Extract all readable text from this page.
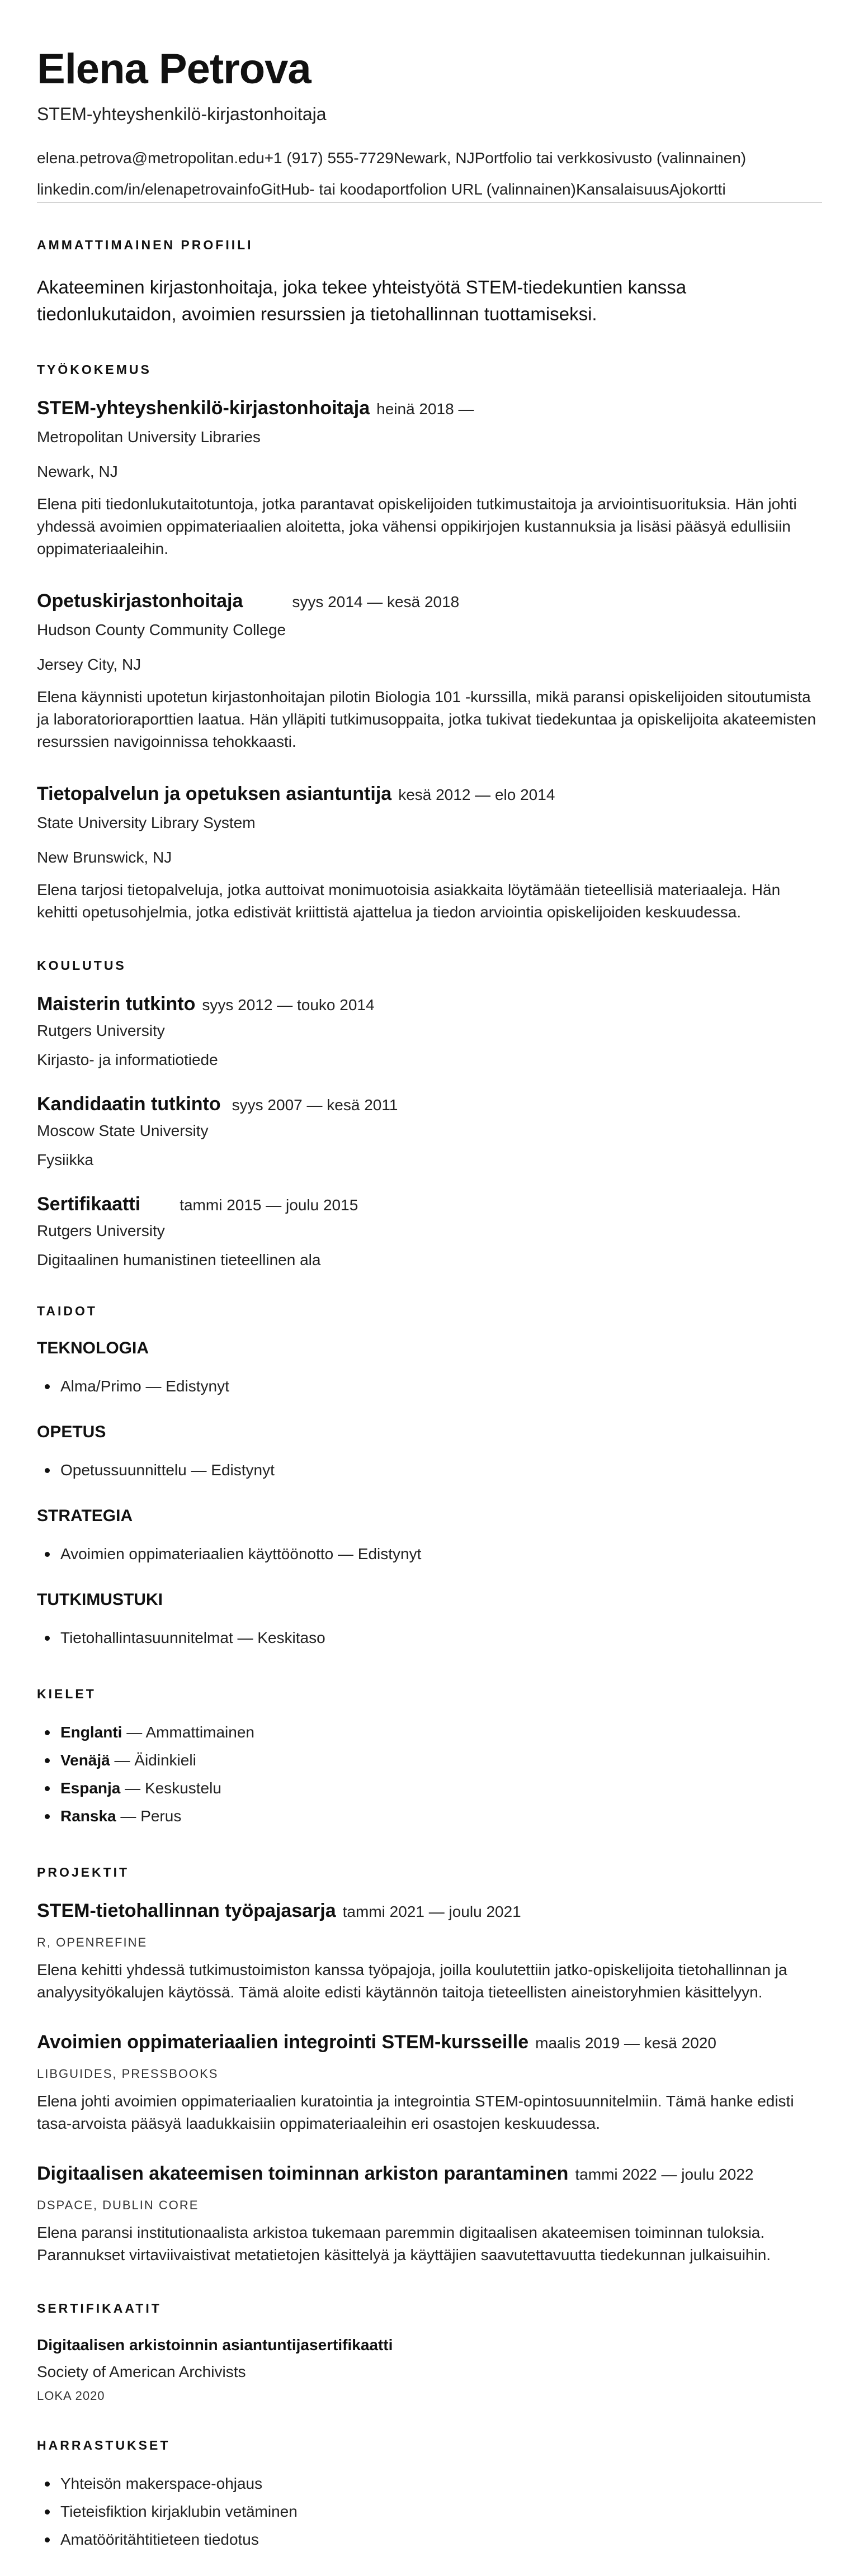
Elena Petrova
STEM-yhteyshenkilö-kirjastonhoitaja
elena.petrova@metropolitan.edu +1 (917) 555-7729 Newark, NJ Portfolio tai verkkosivusto (valinnainen)
linkedin.com/in/elenapetrovainfo GitHub- tai koodaportfolion URL (valinnainen) Kansalaisuus Ajokortti
AMMATTIMAINEN PROFIILI
Akateeminen kirjastonhoitaja, joka tekee yhteistyötä STEM-tiedekuntien kanssa tiedonlukutaidon, avoimien resurssien ja tietohallinnan tuottamiseksi.
TYÖKOKEMUS
STEM-yhteyshenkilö-kirjastonhoitaja heinä 2018 —
Metropolitan University Libraries
Newark, NJ
Elena piti tiedonlukutaitotuntoja, jotka parantavat opiskelijoiden tutkimustaitoja ja arviointisuorituksia. Hän johti yhdessä avoimien oppimateriaalien aloitetta, joka vähensi oppikirjojen kustannuksia ja lisäsi pääsyä edullisiin oppimateriaaleihin.
Opetuskirjastonhoitaja	syys 2014 — kesä 2018
Hudson County Community College
Jersey City, NJ
Elena käynnisti upotetun kirjastonhoitajan pilotin Biologia 101 -kurssilla, mikä paransi opiskelijoiden sitoutumista ja laboratorioraporttien laatua. Hän ylläpiti tutkimusoppaita, jotka tukivat tiedekuntaa ja opiskelijoita akateemisten resurssien navigoinnissa tehokkaasti.
Tietopalvelun ja opetuksen asiantuntija kesä 2012 — elo 2014
State University Library System
New Brunswick, NJ
Elena tarjosi tietopalveluja, jotka auttoivat monimuotoisia asiakkaita löytämään tieteellisiä materiaaleja. Hän kehitti opetusohjelmia, jotka edistivät kriittistä ajattelua ja tiedon arviointia opiskelijoiden keskuudessa.
KOULUTUS
Maisterin tutkinto syys 2012 — touko 2014
Rutgers University
Kirjasto- ja informatiotiede
Kandidaatin tutkinto syys 2007 — kesä 2011
Moscow State University
Fysiikka
Sertifikaatti	tammi 2015 — joulu 2015
Rutgers University
Digitaalinen humanistinen tieteellinen ala
TAIDOT
TEKNOLOGIA
Alma/Primo — Edistynyt
OPETUS
Opetussuunnittelu — Edistynyt
STRATEGIA
Avoimien oppimateriaalien käyttöönotto — Edistynyt
TUTKIMUSTUKI
Tietohallintasuunnitelmat — Keskitaso
KIELET
Englanti — Ammattimainen
Venäjä — Äidinkieli
Espanja — Keskustelu
Ranska — Perus
PROJEKTIT
STEM-tietohallinnan työpajasarja tammi 2021 — joulu 2021
R, OPENREFINE
Elena kehitti yhdessä tutkimustoimiston kanssa työpajoja, joilla koulutettiin jatko-opiskelijoita tietohallinnan ja analyysityökalujen käytössä. Tämä aloite edisti käytännön taitoja tieteellisten aineistoryhmien käsittelyyn.
Avoimien oppimateriaalien integrointi STEM-kursseille maalis 2019 — kesä 2020
LIBGUIDES, PRESSBOOKS
Elena johti avoimien oppimateriaalien kuratointia ja integrointia STEM-opintosuunnitelmiin. Tämä hanke edisti tasa-arvoista pääsyä laadukkaisiin oppimateriaaleihin eri osastojen keskuudessa.
Digitaalisen akateemisen toiminnan arkiston parantaminen tammi 2022 — joulu 2022
DSPACE, DUBLIN CORE
Elena paransi institutionaalista arkistoa tukemaan paremmin digitaalisen akateemisen toiminnan tuloksia. Parannukset virtaviivaistivat metatietojen käsittelyä ja käyttäjien saavutettavuutta tiedekunnan julkaisuihin.
SERTIFIKAATIT
Digitaalisen arkistoinnin asiantuntijasertifikaatti
Society of American Archivists
LOKA 2020
HARRASTUKSET
Yhteisön makerspace-ohjaus
Tieteisfiktion kirjaklubin vetäminen
Amatööritähtitieteen tiedotus
